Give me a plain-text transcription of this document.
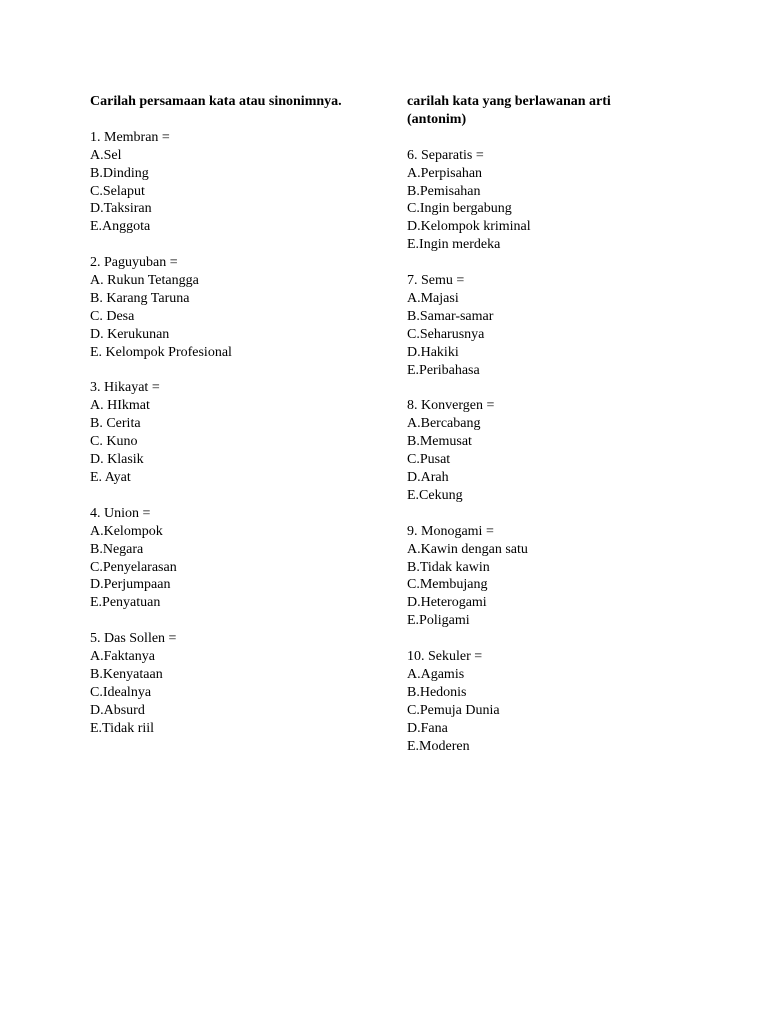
Carilah persamaan kata atau sinonimnya.

1. Membran =
A.Sel
B.Dinding
C.Selaput
D.Taksiran
E.Anggota
2. Paguyuban =
A. Rukun Tetangga
B. Karang Taruna
C. Desa
D. Kerukunan
E. Kelompok Profesional
3. Hikayat =
A. HIkmat
B. Cerita
C. Kuno
D. Klasik
E. Ayat
4. Union =
A.Kelompok
B.Negara
C.Penyelarasan
D.Perjumpaan
E.Penyatuan
5. Das Sollen =
A.Faktanya
B.Kenyataan
C.Idealnya
D.Absurd
E.Tidak riil

carilah kata yang berlawanan arti
(antonim)

6. Separatis =
A.Perpisahan
B.Pemisahan
C.Ingin bergabung
D.Kelompok kriminal
E.Ingin merdeka
7. Semu =
A.Majasi
B.Samar-samar
C.Seharusnya
D.Hakiki
E.Peribahasa
8. Konvergen =
A.Bercabang
B.Memusat
C.Pusat
D.Arah
E.Cekung
9. Monogami =
A.Kawin dengan satu
B.Tidak kawin
C.Membujang
D.Heterogami
E.Poligami
10. Sekuler =
A.Agamis
B.Hedonis
C.Pemuja Dunia
D.Fana
E.Moderen
